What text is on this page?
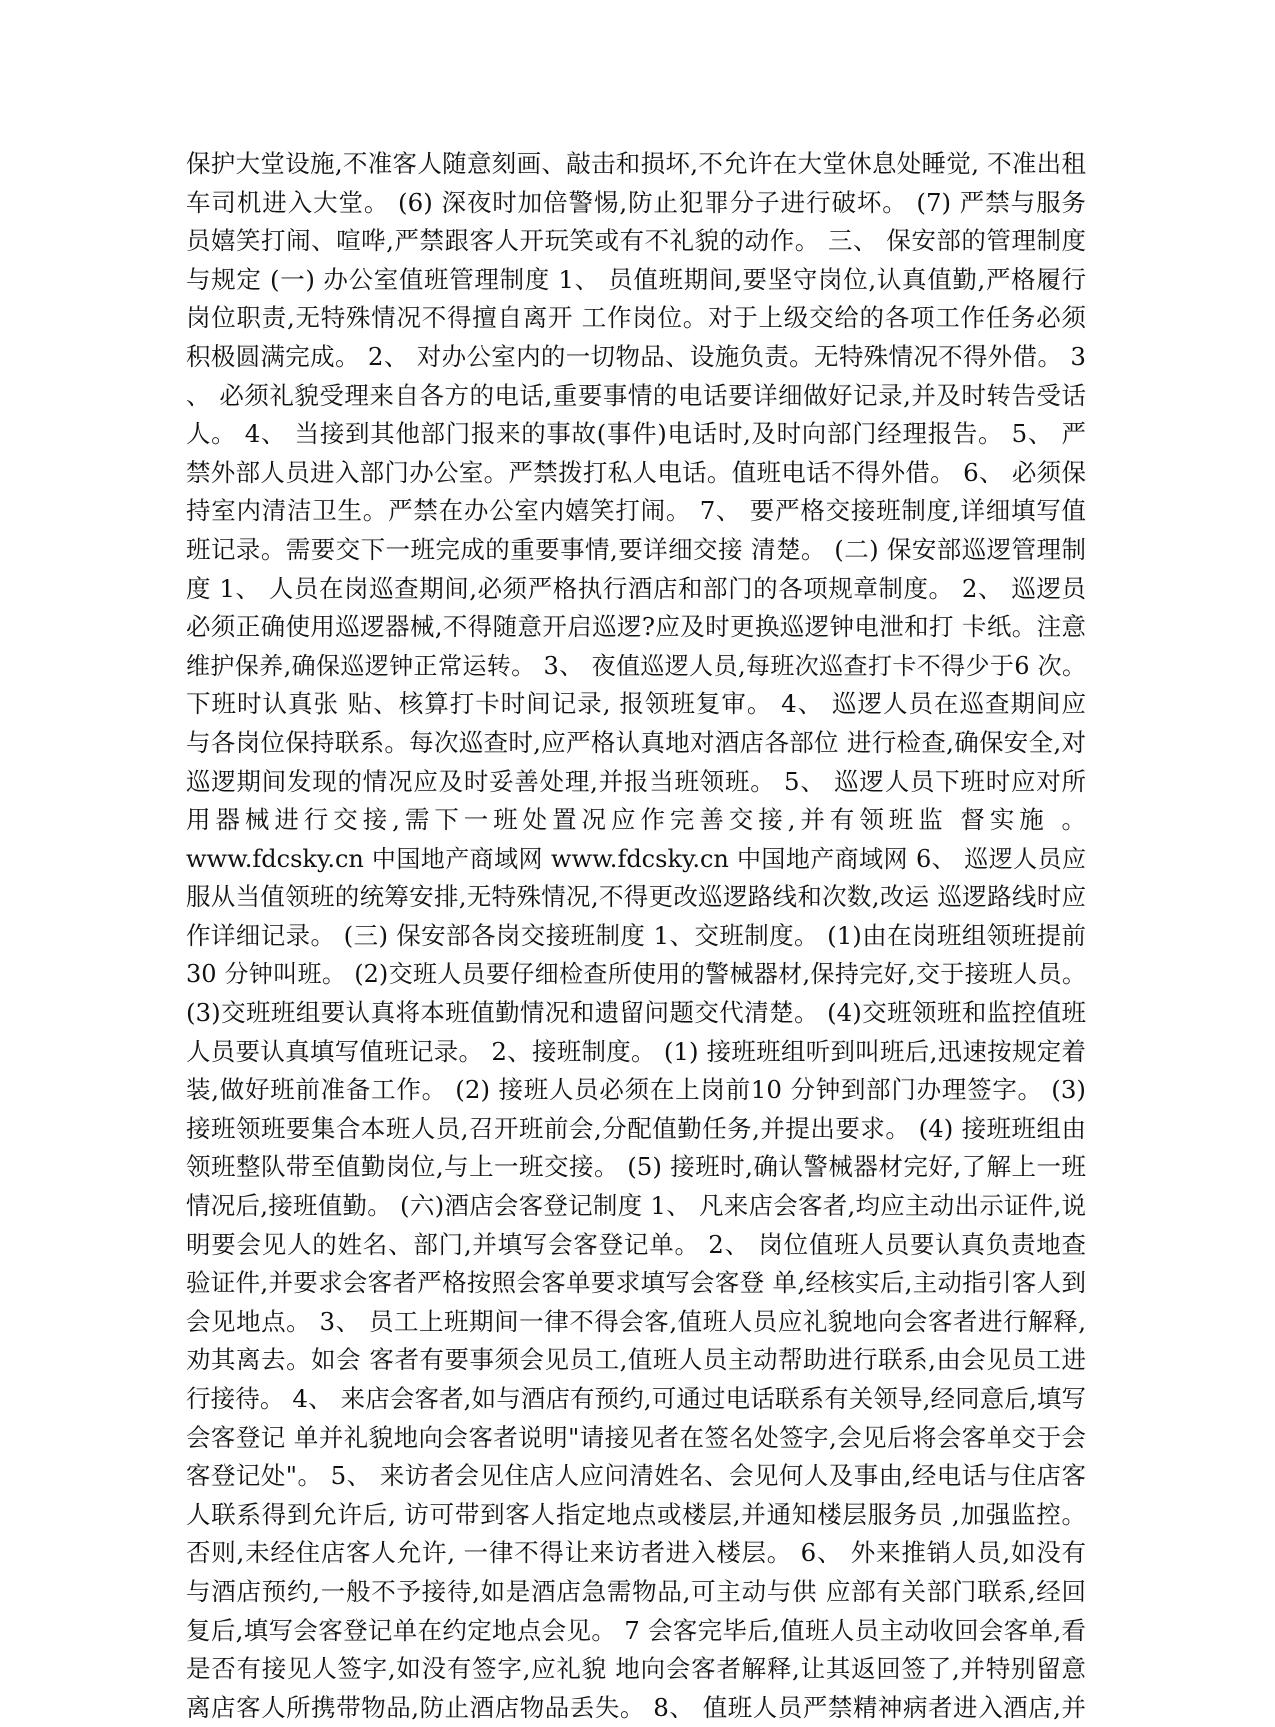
保护大堂设施,不准客人随意刻画、敲击和损坏,不允许在大堂休息处睡觉, 不准出租
车司机进入大堂。 (6) 深夜时加倍警惕,防止犯罪分子进行破坏。 (7) 严禁与服务
员嬉笑打闹、喧哗,严禁跟客人开玩笑或有不礼貌的动作。 三、 保安部的管理制度
与规定 (一) 办公室值班管理制度 1、 员值班期间,要坚守岗位,认真值勤,严格履行
岗位职责,无特殊情况不得擅自离开 工作岗位。对于上级交给的各项工作任务必须
积极圆满完成。 2、 对办公室内的一切物品、设施负责。无特殊情况不得外借。 3
、 必须礼貌受理来自各方的电话,重要事情的电话要详细做好记录,并及时转告受话
人。 4、 当接到其他部门报来的事故(事件)电话时,及时向部门经理报告。 5、 严
禁外部人员进入部门办公室。严禁拨打私人电话。值班电话不得外借。 6、 必须保
持室内清洁卫生。严禁在办公室内嬉笑打闹。 7、 要严格交接班制度,详细填写值
班记录。需要交下一班完成的重要事情,要详细交接 清楚。 (二) 保安部巡逻管理制
度 1、 人员在岗巡查期间,必须严格执行酒店和部门的各项规章制度。 2、 巡逻员
必须正确使用巡逻器械,不得随意开启巡逻?应及时更换巡逻钟电泄和打 卡纸。注意
维护保养,确保巡逻钟正常运转。 3、 夜值巡逻人员,每班次巡查打卡不得少于6 次。
下班时认真张 贴、核算打卡时间记录, 报领班复审。 4、 巡逻人员在巡查期间应
与各岗位保持联系。每次巡查时,应严格认真地对酒店各部位 进行检查,确保安全,对
巡逻期间发现的情况应及时妥善处理,并报当班领班。 5、 巡逻人员下班时应对所
用器械进行交接,需下一班处置况应作完善交接,并有领班监 督实施 。
www.fdcsky.cn 中国地产商域网 www.fdcsky.cn 中国地产商域网 6、 巡逻人员应
服从当值领班的统筹安排,无特殊情况,不得更改巡逻路线和次数,改运 巡逻路线时应
作详细记录。 (三) 保安部各岗交接班制度 1、交班制度。 (1)由在岗班组领班提前
30 分钟叫班。 (2)交班人员要仔细检查所使用的警械器材,保持完好,交于接班人员。
(3)交班班组要认真将本班值勤情况和遗留问题交代清楚。 (4)交班领班和监控值班
人员要认真填写值班记录。 2、接班制度。 (1) 接班班组听到叫班后,迅速按规定着
装,做好班前准备工作。 (2) 接班人员必须在上岗前10 分钟到部门办理签字。 (3)
接班领班要集合本班人员,召开班前会,分配值勤任务,并提出要求。 (4) 接班班组由
领班整队带至值勤岗位,与上一班交接。 (5) 接班时,确认警械器材完好,了解上一班
情况后,接班值勤。 (六)酒店会客登记制度 1、 凡来店会客者,均应主动出示证件,说
明要会见人的姓名、部门,并填写会客登记单。 2、 岗位值班人员要认真负责地查
验证件,并要求会客者严格按照会客单要求填写会客登 单,经核实后,主动指引客人到
会见地点。 3、 员工上班期间一律不得会客,值班人员应礼貌地向会客者进行解释,
劝其离去。如会 客者有要事须会见员工,值班人员主动帮助进行联系,由会见员工进
行接待。 4、 来店会客者,如与酒店有预约,可通过电话联系有关领导,经同意后,填写
会客登记 单并礼貌地向会客者说明"请接见者在签名处签字,会见后将会客单交于会
客登记处"。 5、 来访者会见住店人应问清姓名、会见何人及事由,经电话与住店客
人联系得到允许后, 访可带到客人指定地点或楼层,并通知楼层服务员 ,加强监控。
否则,未经住店客人允许, 一律不得让来访者进入楼层。 6、 外来推销人员,如没有
与酒店预约,一般不予接待,如是酒店急需物品,可主动与供 应部有关部门联系,经回
复后,填写会客登记单在约定地点会见。 7 会客完毕后,值班人员主动收回会客单,看
是否有接见人签字,如没有签字,应礼貌 地向会客者解释,让其返回签了,并特别留意
离店客人所携带物品,防止酒店物品丢失。 8、 值班人员严禁精神病者进入酒店,并
